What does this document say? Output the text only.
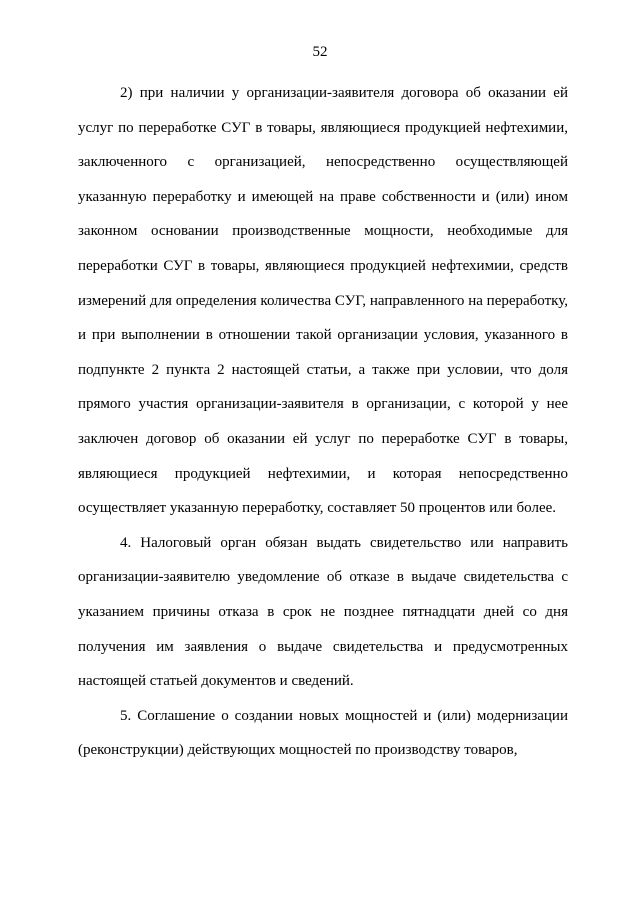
52

2) при наличии у организации-заявителя договора об оказании ей услуг по переработке СУГ в товары, являющиеся продукцией нефтехимии, заключенного с организацией, непосредственно осуществляющей указанную переработку и имеющей на праве собственности и (или) ином законном основании производственные мощности, необходимые для переработки СУГ в товары, являющиеся продукцией нефтехимии, средств измерений для определения количества СУГ, направленного на переработку, и при выполнении в отношении такой организации условия, указанного в подпункте 2 пункта 2 настоящей статьи, а также при условии, что доля прямого участия организации-заявителя в организации, с которой у нее заключен договор об оказании ей услуг по переработке СУГ в товары, являющиеся продукцией нефтехимии, и которая непосредственно осуществляет указанную переработку, составляет 50 процентов или более.

4. Налоговый орган обязан выдать свидетельство или направить организации-заявителю уведомление об отказе в выдаче свидетельства с указанием причины отказа в срок не позднее пятнадцати дней со дня получения им заявления о выдаче свидетельства и предусмотренных настоящей статьей документов и сведений.

5. Соглашение о создании новых мощностей и (или) модернизации (реконструкции) действующих мощностей по производству товаров,
